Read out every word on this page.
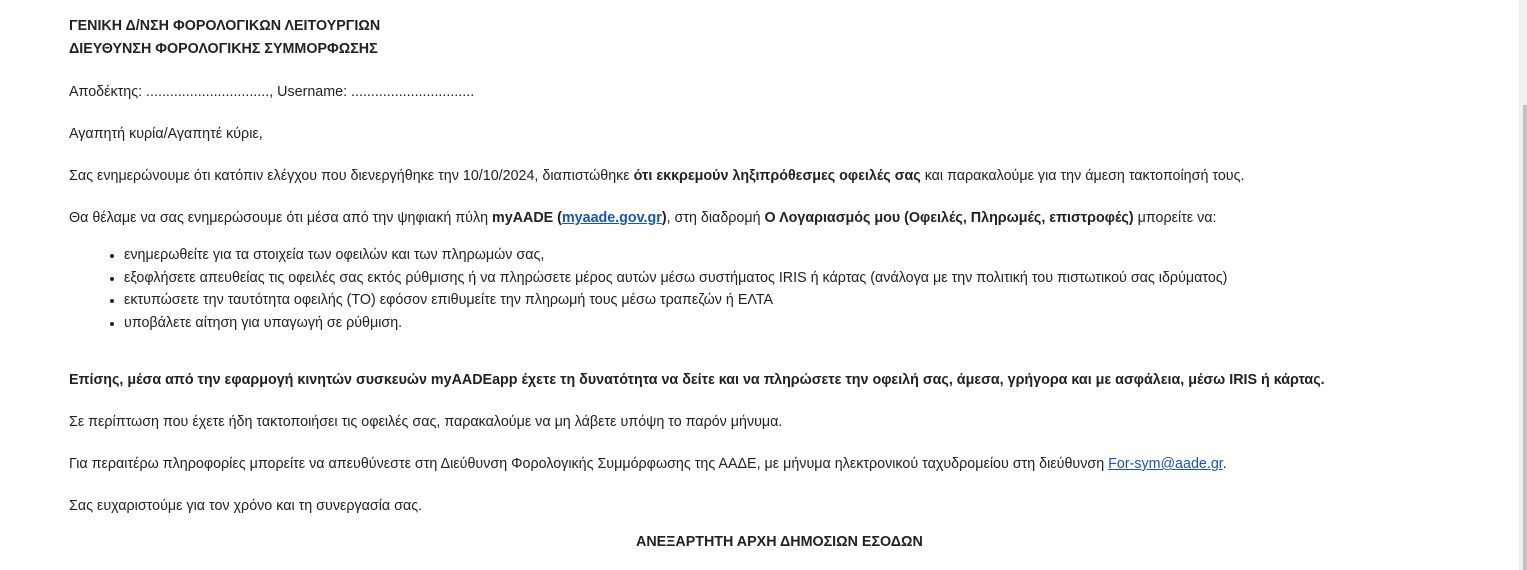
ΓΕΝΙΚΗ Δ/ΝΣΗ ΦΟΡΟΛΟΓΙΚΩΝ ΛΕΙΤΟΥΡΓΙΩΝ
ΔΙΕΥΘΥΝΣΗ ΦΟΡΟΛΟΓΙΚΗΣ ΣΥΜΜΟΡΦΩΣΗΣ
Αποδέκτης: ..............................., Username: ...............................
Αγαπητή κυρία/Αγαπητέ κύριε,
Σας ενημερώνουμε ότι κατόπιν ελέγχου που διενεργήθηκε την 10/10/2024, διαπιστώθηκε ότι εκκρεμούν ληξιπρόθεσμες οφειλές σας και παρακαλούμε για την άμεση τακτοποίησή τους.
Θα θέλαμε να σας ενημερώσουμε ότι μέσα από την ψηφιακή πύλη myAADE (myaade.gov.gr), στη διαδρομή Ο Λογαριασμός μου (Οφειλές, Πληρωμές, επιστροφές) μπορείτε να:
• ενημερωθείτε για τα στοιχεία των οφειλών και των πληρωμών σας,
• εξοφλήσετε απευθείας τις οφειλές σας εκτός ρύθμισης ή να πληρώσετε μέρος αυτών μέσω συστήματος IRIS ή κάρτας (ανάλογα με την πολιτική του πιστωτικού σας ιδρύματος)
• εκτυπώσετε την ταυτότητα οφειλής (ΤΟ) εφόσον επιθυμείτε την πληρωμή τους μέσω τραπεζών ή ΕΛΤΑ
• υποβάλετε αίτηση για υπαγωγή σε ρύθμιση.
Επίσης, μέσα από την εφαρμογή κινητών συσκευών myAADEapp έχετε τη δυνατότητα να δείτε και να πληρώσετε την οφειλή σας, άμεσα, γρήγορα και με ασφάλεια, μέσω IRIS ή κάρτας.
Σε περίπτωση που έχετε ήδη τακτοποιήσει τις οφειλές σας, παρακαλούμε να μη λάβετε υπόψη το παρόν μήνυμα.
Για περαιτέρω πληροφορίες μπορείτε να απευθύνεστε στη Διεύθυνση Φορολογικής Συμμόρφωσης της ΑΑΔΕ, με μήνυμα ηλεκτρονικού ταχυδρομείου στη διεύθυνση For-sym@aade.gr.
Σας ευχαριστούμε για τον χρόνο και τη συνεργασία σας.
ΑΝΕΞΑΡΤΗΤΗ ΑΡΧΗ ΔΗΜΟΣΙΩΝ ΕΣΟΔΩΝ
